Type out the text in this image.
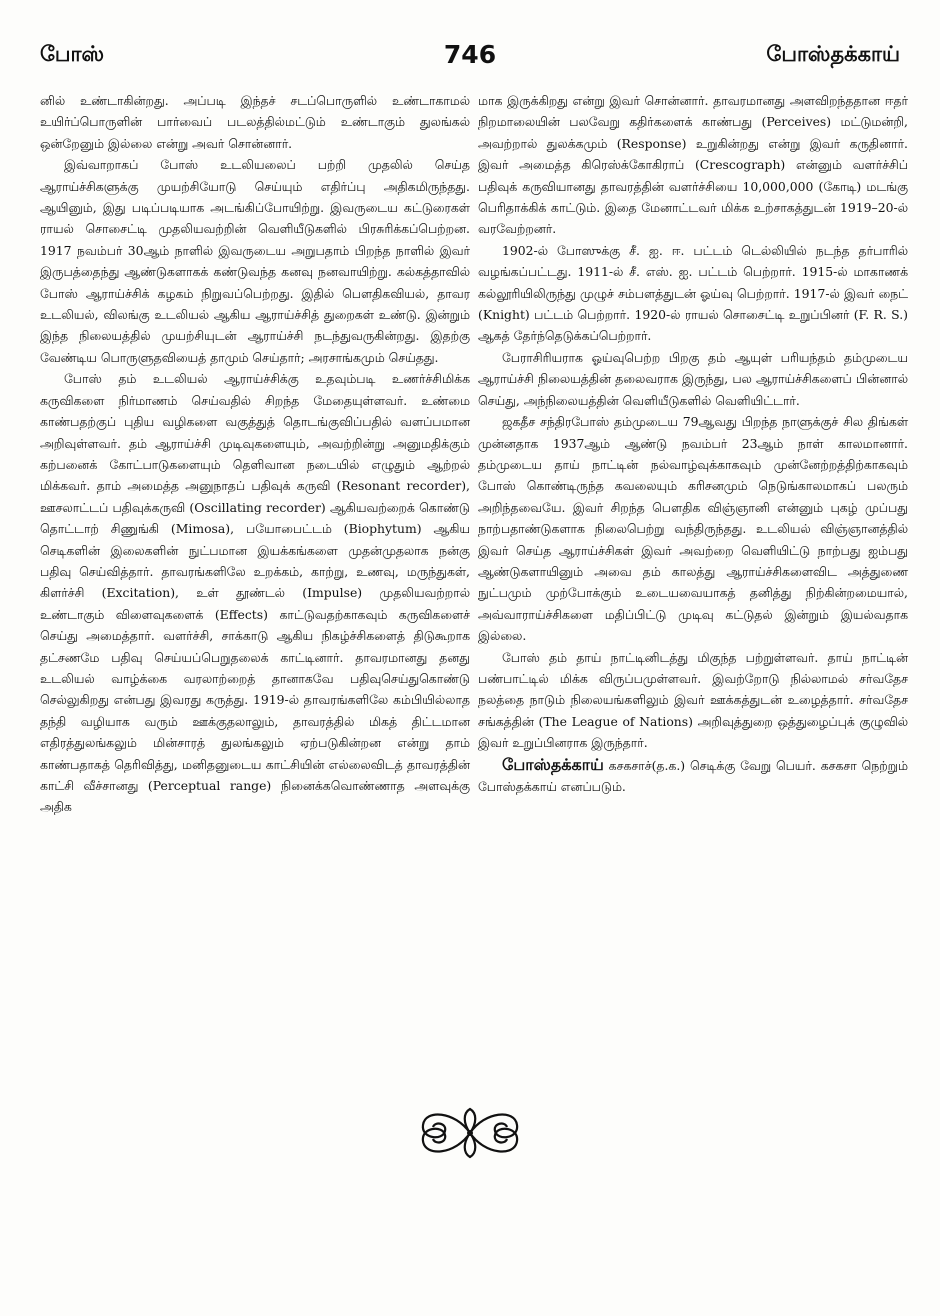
போஸ்	746	போஸ்தக்காய்

னில் உண்டாகின்றது. அப்படி இந்தச் சடப்பொருளில் உண்டாகாமல் உயிர்ப்பொருளின் பார்வைப் படலத்தில்மட்டும் உண்டாகும் துலங்கல் ஒன்றேனும் இல்லை என்று அவர் சொன்னார்.

இவ்வாறாகப் போஸ் உடலியலைப் பற்றி முதலில் செய்த ஆராய்ச்சிகளுக்கு முயற்சியோடு செய்யும் எதிர்ப்பு அதிகமிருந்தது. ஆயினும், இது படிப்படியாக அடங்கிப்போயிற்று. இவருடைய கட்டுரைகள் ராயல் சொசைட்டி முதலியவற்றின் வெளியீடுகளில் பிரசுரிக்கப்பெற்றன. 1917 நவம்பர் 30ஆம் நாளில் இவருடைய அறுபதாம் பிறந்த நாளில் இவர் இருபத்தைந்து ஆண்டுகளாகக் கண்டுவந்த கனவு நனவாயிற்று. கல்கத்தாவில் போஸ் ஆராய்ச்சிக் கழகம் நிறுவப்பெற்றது. இதில் பௌதிகவியல், தாவர உடலியல், விலங்கு உடலியல் ஆகிய ஆராய்ச்சித் துறைகள் உண்டு. இன்றும் இந்த நிலையத்தில் முயற்சியுடன் ஆராய்ச்சி நடந்துவருகின்றது. இதற்கு வேண்டிய பொருளுதவியைத் தாமும் செய்தார்; அரசாங்கமும் செய்தது.

போஸ் தம் உடலியல் ஆராய்ச்சிக்கு உதவும்படி உணர்ச்சிமிக்க கருவிகளை நிர்மாணம் செய்வதில் சிறந்த மேதையுள்ளவர். உண்மை காண்பதற்குப் புதிய வழிகளை வகுத்துத் தொடங்குவிப்பதில் வளப்பமான அறிவுள்ளவர். தம் ஆராய்ச்சி முடிவுகளையும், அவற்றின்று அனுமதிக்கும் கற்பனைக் கோட்பாடுகளையும் தெளிவான நடையில் எழுதும் ஆற்றல் மிக்கவர். தாம் அமைத்த அனுநாதப் பதிவுக் கருவி (Resonant recorder), ஊசலாட்டப் பதிவுக்கருவி (Oscillating recorder) ஆகியவற்றைக் கொண்டு தொட்டாற் சிணுங்கி (Mimosa), பயோபைட்டம் (Biophytum) ஆகிய செடிகளின் இலைகளின் நுட்பமான இயக்கங்களை முதன்முதலாக நன்கு பதிவு செய்வித்தார். தாவரங்களிலே உறக்கம், காற்று, உணவு, மருந்துகள், கிளர்ச்சி (Excitation), உள் தூண்டல் (Impulse) முதலியவற்றால் உண்டாகும் விளைவுகளைக் (Effects) காட்டுவதற்காகவும் கருவிகளைச் செய்து அமைத்தார். வளர்ச்சி, சாக்காடு ஆகிய நிகழ்ச்சிகளைத் திடுகூறாக தட்சணமே பதிவு செய்யப்பெறுதலைக் காட்டினார். தாவரமானது தனது உடலியல் வாழ்க்கை வரலாற்றைத் தானாகவே பதிவுசெய்துகொண்டு செல்லுகிறது என்பது இவரது கருத்து. 1919-ல் தாவரங்களிலே கம்பியில்லாத தந்தி வழியாக வரும் ஊக்குதலாலும், தாவரத்தில் மிகத் திட்டமான எதிரத்துலங்கலும் மின்சாரத் துலங்கலும் ஏற்படுகின்றன என்று தாம் காண்பதாகத் தெரிவித்து, மனிதனுடைய காட்சியின் எல்லைவிடத் தாவரத்தின் காட்சி வீச்சானது (Perceptual range) நினைக்கவொண்ணாத அளவுக்கு அதிக

மாக இருக்கிறது என்று இவர் சொன்னார். தாவரமானது அளவிறந்ததான ஈதர் நிறமாலையின் பலவேறு கதிர்களைக் காண்பது (Perceives) மட்டுமன்றி, அவற்றால் துலக்கமும் (Response) உறுகின்றது என்று இவர் கருதினார். இவர் அமைத்த கிரெஸ்க்கோகிராப் (Crescograph) என்னும் வளர்ச்சிப் பதிவுக் கருவியானது தாவரத்தின் வளர்ச்சியை 10,000,000 (கோடி) மடங்கு பெரிதாக்கிக் காட்டும். இதை மேனாட்டவர் மிக்க உற்சாகத்துடன் 1919–20-ல் வரவேற்றனர்.

1902-ல் போஸுக்கு சீ. ஐ. ஈ. பட்டம் டெல்லியில் நடந்த தர்பாரில் வழங்கப்பட்டது. 1911-ல் சீ. எஸ். ஐ. பட்டம் பெற்றார். 1915-ல் மாகாணக் கல்லூரியிலிருந்து முழுச் சம்பளத்துடன் ஓய்வு பெற்றார். 1917-ல் இவர் நைட் (Knight) பட்டம் பெற்றார். 1920-ல் ராயல் சொசைட்டி உறுப்பினர் (F. R. S.) ஆகத் தேர்ந்தெடுக்கப்பெற்றார்.

பேராசிரியராக ஓய்வுபெற்ற பிறகு தம் ஆயுள் பரியந்தம் தம்முடைய ஆராய்ச்சி நிலையத்தின் தலைவராக இருந்து, பல ஆராய்ச்சிகளைப் பின்னால் செய்து, அந்நிலையத்தின் வெளியீடுகளில் வெளியிட்டார்.

ஜகதீச சந்திரபோஸ் தம்முடைய 79ஆவது பிறந்த நாளுக்குச் சில திங்கள் முன்னதாக 1937ஆம் ஆண்டு நவம்பர் 23ஆம் நாள் காலமானார். தம்முடைய தாய் நாட்டின் நல்வாழ்வுக்காகவும் முன்னேற்றத்திற்காகவும் போஸ் கொண்டிருந்த கவலையும் கரிசனமும் நெடுங்காலமாகப் பலரும் அறிந்தவையே. இவர் சிறந்த பௌதிக விஞ்ஞானி என்னும் புகழ் முப்பது நாற்பதாண்டுகளாக நிலைபெற்று வந்திருந்தது. உடலியல் விஞ்ஞானத்தில் இவர் செய்த ஆராய்ச்சிகள் இவர் அவற்றை வெளியிட்டு நாற்பது ஐம்பது ஆண்டுகளாயினும் அவை தம் காலத்து ஆராய்ச்சிகளைவிட அத்துணை நுட்பமும் முற்போக்கும் உடையவையாகத் தனித்து நிற்கின்றமையால், அவ்வாராய்ச்சிகளை மதிப்பிட்டு முடிவு கட்டுதல் இன்றும் இயல்வதாக இல்லை.

போஸ் தம் தாய் நாட்டினிடத்து மிகுந்த பற்றுள்ளவர். தாய் நாட்டின் பண்பாட்டில் மிக்க விருப்பமுள்ளவர். இவற்றோடு நில்லாமல் சர்வதேச நலத்தை நாடும் நிலையங்களிலும் இவர் ஊக்கத்துடன் உழைத்தார். சர்வதேச சங்கத்தின் (The League of Nations) அறிவுத்துறை ஒத்துழைப்புக் குழுவில் இவர் உறுப்பினராக இருந்தார்.

போஸ்தக்காய் கசகசாச்(த.க.) செடிக்கு வேறு பெயர். கசகசா நெற்றும் போஸ்தக்காய் எனப்படும்.
